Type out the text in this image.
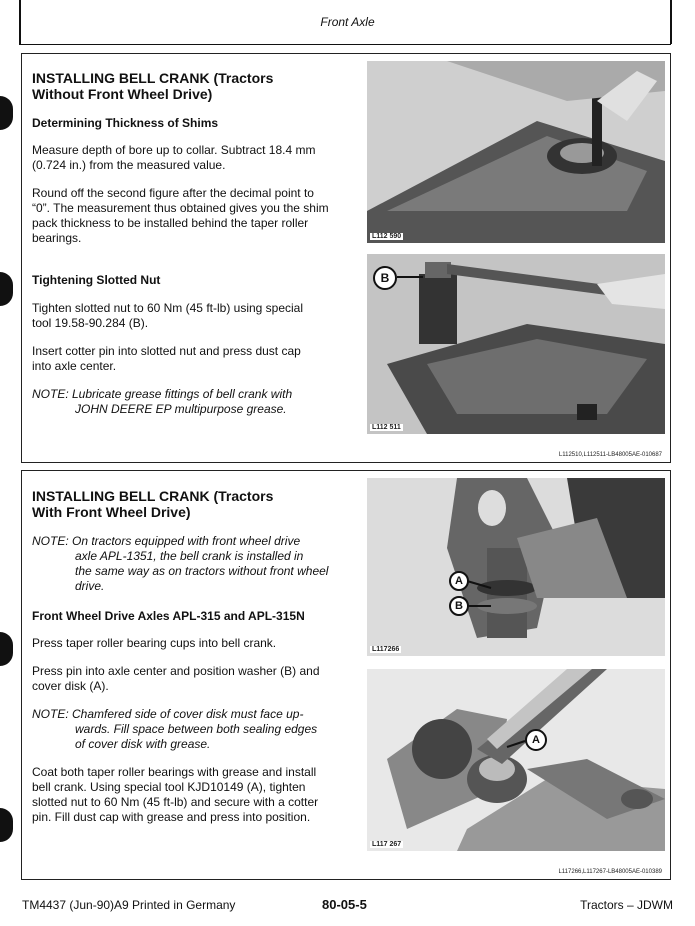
Front Axle
INSTALLING BELL CRANK (Tractors
Without Front Wheel Drive)
Determining Thickness of Shims

Measure depth of bore up to collar. Subtract 18.4 mm
(0.724 in.) from the measured value.

Round off the second figure after the decimal point to
“0”. The measurement thus obtained gives you the shim
pack thickness to be installed behind the taper roller
bearings.

Tightening Slotted Nut

Tighten slotted nut to 60 Nm (45 ft-lb) using special
tool 19.58-90.284 (B).

Insert cotter pin into slotted nut and press dust cap
into axle center.

NOTE: Lubricate grease fittings of bell crank with
JOHN DEERE EP multipurpose grease.
L112 590
B
L112 511
L112510,L112511-LB48005AE-010687
INSTALLING BELL CRANK (Tractors
With Front Wheel Drive)
NOTE: On tractors equipped with front wheel drive
axle APL-1351, the bell crank is installed in
the same way as on tractors without front wheel
drive.
Front Wheel Drive Axles APL-315 and APL-315N

Press taper roller bearing cups into bell crank.

Press pin into axle center and position washer (B) and
cover disk (A).

NOTE: Chamfered side of cover disk must face up-
wards. Fill space between both sealing edges
of cover disk with grease.

Coat both taper roller bearings with grease and install
bell crank. Using special tool KJD10149 (A), tighten
slotted nut to 60 Nm (45 ft-lb) and secure with a cotter
pin. Fill dust cap with grease and press into position.

A
B
L117266
A
L117 267
L117266,L117267-LB48005AE-010389
TM4437 (Jun-90)A9 Printed in Germany	80-05-5	Tractors – JDWM
